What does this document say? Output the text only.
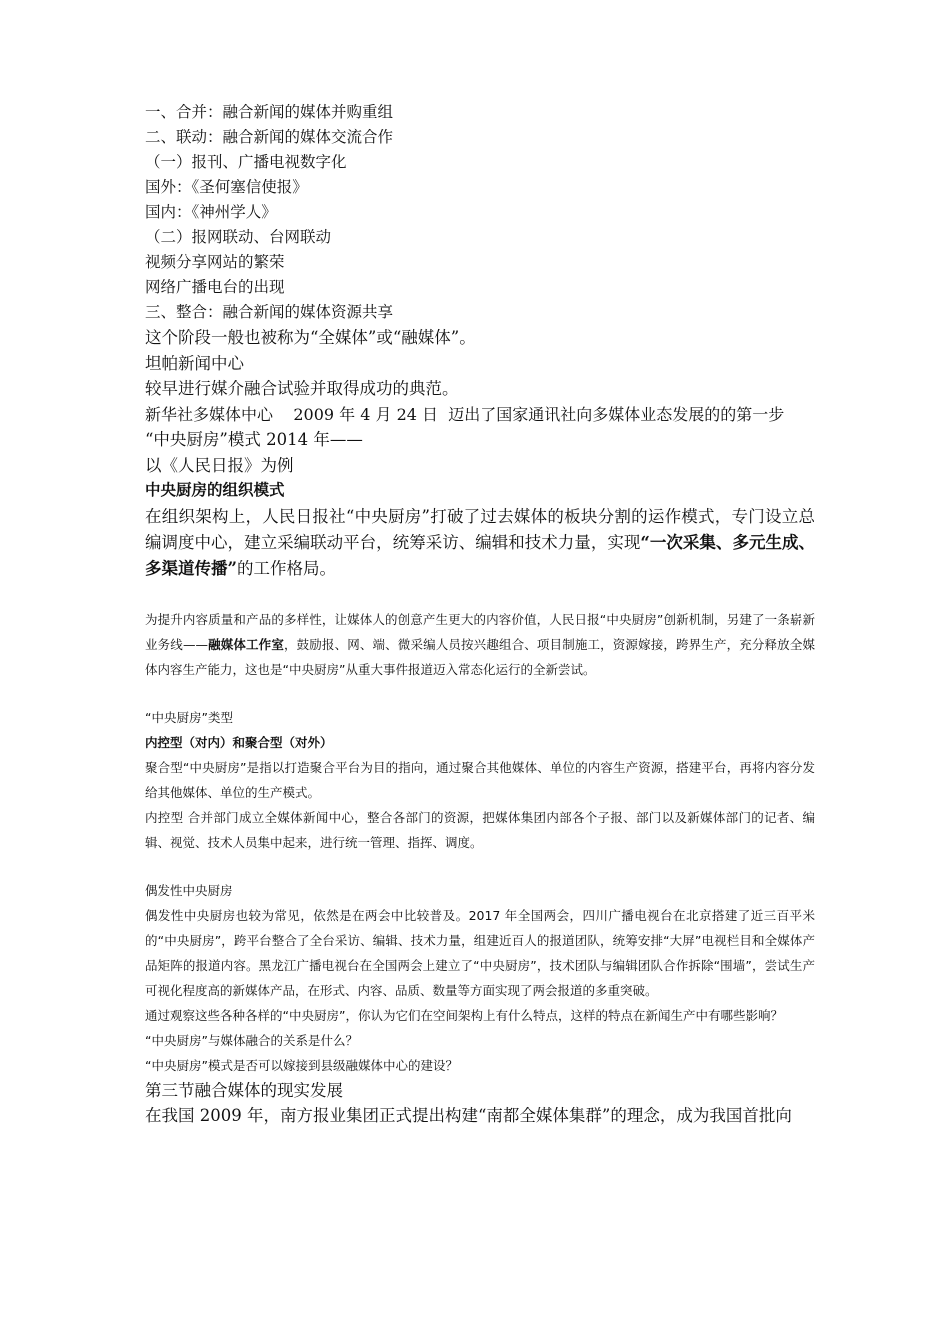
一、合并：融合新闻的媒体并购重组

二、联动：融合新闻的媒体交流合作

（一）报刊、广播电视数字化

国外：《圣何塞信使报》

国内：《神州学人》

（二）报网联动、台网联动

视频分享网站的繁荣

网络广播电台的出现

三、整合：融合新闻的媒体资源共享

这个阶段一般也被称为“全媒体”或“融媒体”。

坦帕新闻中心

较早进行媒介融合试验并取得成功的典范。

新华社多媒体中心    2009 年 4 月 24 日  迈出了国家通讯社向多媒体业态发展的的第一步

“中央厨房”模式 2014 年——

以《人民日报》为例

中央厨房的组织模式

在组织架构上，人民日报社“中央厨房”打破了过去媒体的板块分割的运作模式，专门设立总编调度中心，建立采编联动平台，统筹采访、编辑和技术力量，实现“一次采集、多元生成、多渠道传播”的工作格局。

为提升内容质量和产品的多样性，让媒体人的创意产生更大的内容价值，人民日报“中央厨房”创新机制，另建了一条崭新业务线——融媒体工作室，鼓励报、网、端、微采编人员按兴趣组合、项目制施工，资源嫁接，跨界生产，充分释放全媒体内容生产能力，这也是“中央厨房”从重大事件报道迈入常态化运行的全新尝试。

“中央厨房”类型

内控型（对内）和聚合型（对外）

聚合型“中央厨房”是指以打造聚合平台为目的指向，通过聚合其他媒体、单位的内容生产资源，搭建平台，再将内容分发给其他媒体、单位的生产模式。

内控型 合并部门成立全媒体新闻中心，整合各部门的资源，把媒体集团内部各个子报、部门以及新媒体部门的记者、编辑、视觉、技术人员集中起来，进行统一管理、指挥、调度。

偶发性中央厨房

偶发性中央厨房也较为常见，依然是在两会中比较普及。2017 年全国两会，四川广播电视台在北京搭建了近三百平米的“中央厨房”，跨平台整合了全台采访、编辑、技术力量，组建近百人的报道团队，统筹安排“大屏”电视栏目和全媒体产品矩阵的报道内容。黑龙江广播电视台在全国两会上建立了“中央厨房”，技术团队与编辑团队合作拆除“围墙”，尝试生产可视化程度高的新媒体产品，在形式、内容、品质、数量等方面实现了两会报道的多重突破。

通过观察这些各种各样的“中央厨房”，你认为它们在空间架构上有什么特点，这样的特点在新闻生产中有哪些影响？

“中央厨房”与媒体融合的关系是什么？

“中央厨房”模式是否可以嫁接到县级融媒体中心的建设？

第三节融合媒体的现实发展

在我国 2009 年，南方报业集团正式提出构建“南都全媒体集群”的理念，成为我国首批向
